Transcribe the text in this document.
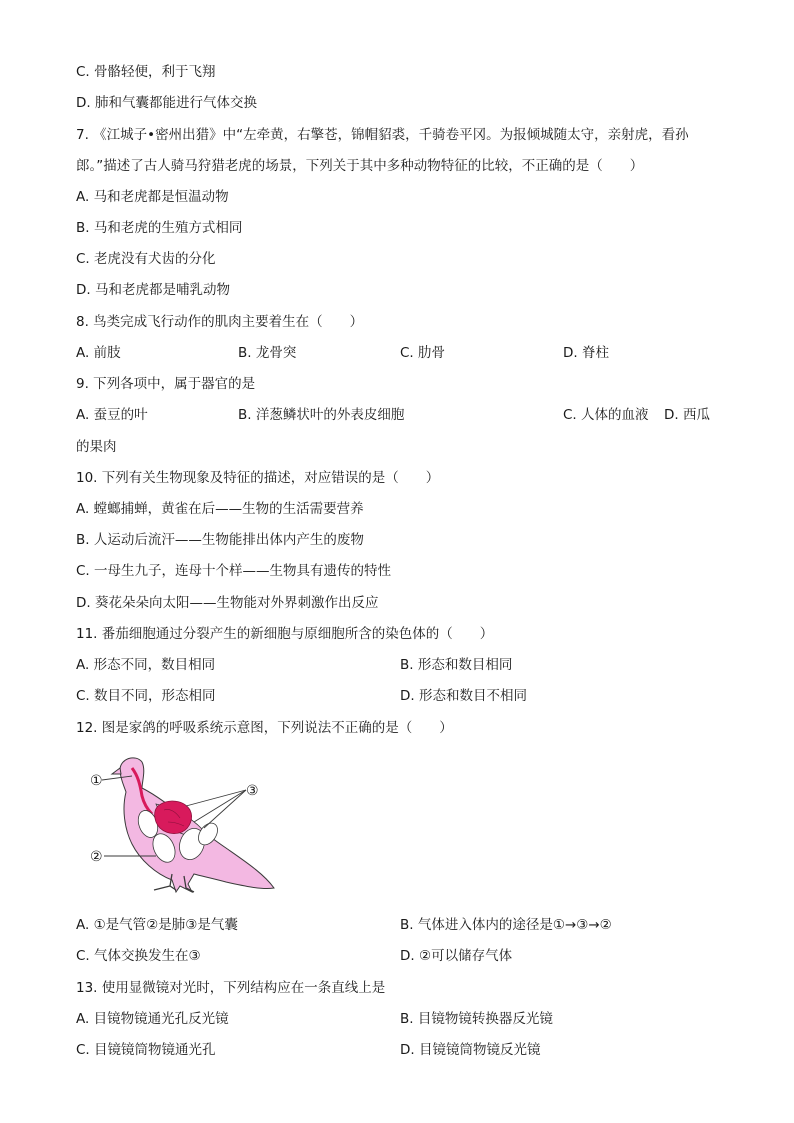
C. 骨骼轻便，利于飞翔
D. 肺和气囊都能进行气体交换
7. 《江城子•密州出猎》中“左牵黄，右擎苍，锦帽貂裘，千骑卷平冈。为报倾城随太守，亲射虎，看孙
郎。”描述了古人骑马狩猎老虎的场景，下列关于其中多种动物特征的比较，不正确的是（　　）
A. 马和老虎都是恒温动物
B. 马和老虎的生殖方式相同
C. 老虎没有犬齿的分化
D. 马和老虎都是哺乳动物
8. 鸟类完成飞行动作的肌肉主要着生在（　　）
A. 前肢	B. 龙骨突	C. 肋骨	D. 脊柱
9. 下列各项中，属于器官的是
A. 蚕豆的叶	B. 洋葱鳞状叶的外表皮细胞	C. 人体的血液 D. 西瓜
的果肉
10. 下列有关生物现象及特征的描述，对应错误的是（　　）
A. 螳螂捕蝉，黄雀在后——生物的生活需要营养
B. 人运动后流汗——生物能排出体内产生的废物
C. 一母生九子，连母十个样——生物具有遗传的特性
D. 葵花朵朵向太阳——生物能对外界刺激作出反应
11. 番茄细胞通过分裂产生的新细胞与原细胞所含的染色体的（　　）
A. 形态不同，数目相同	B. 形态和数目相同
C. 数目不同，形态相同	D. 形态和数目不相同
12. 图是家鸽的呼吸系统示意图，下列说法不正确的是（　　）
①
②
③
A. ①是气管②是肺③是气囊	B. 气体进入体内的途径是①→③→②
C. 气体交换发生在③	D. ②可以储存气体
13. 使用显微镜对光时，下列结构应在一条直线上是
A. 目镜物镜通光孔反光镜	B. 目镜物镜转换器反光镜
C. 目镜镜筒物镜通光孔	D. 目镜镜筒物镜反光镜
